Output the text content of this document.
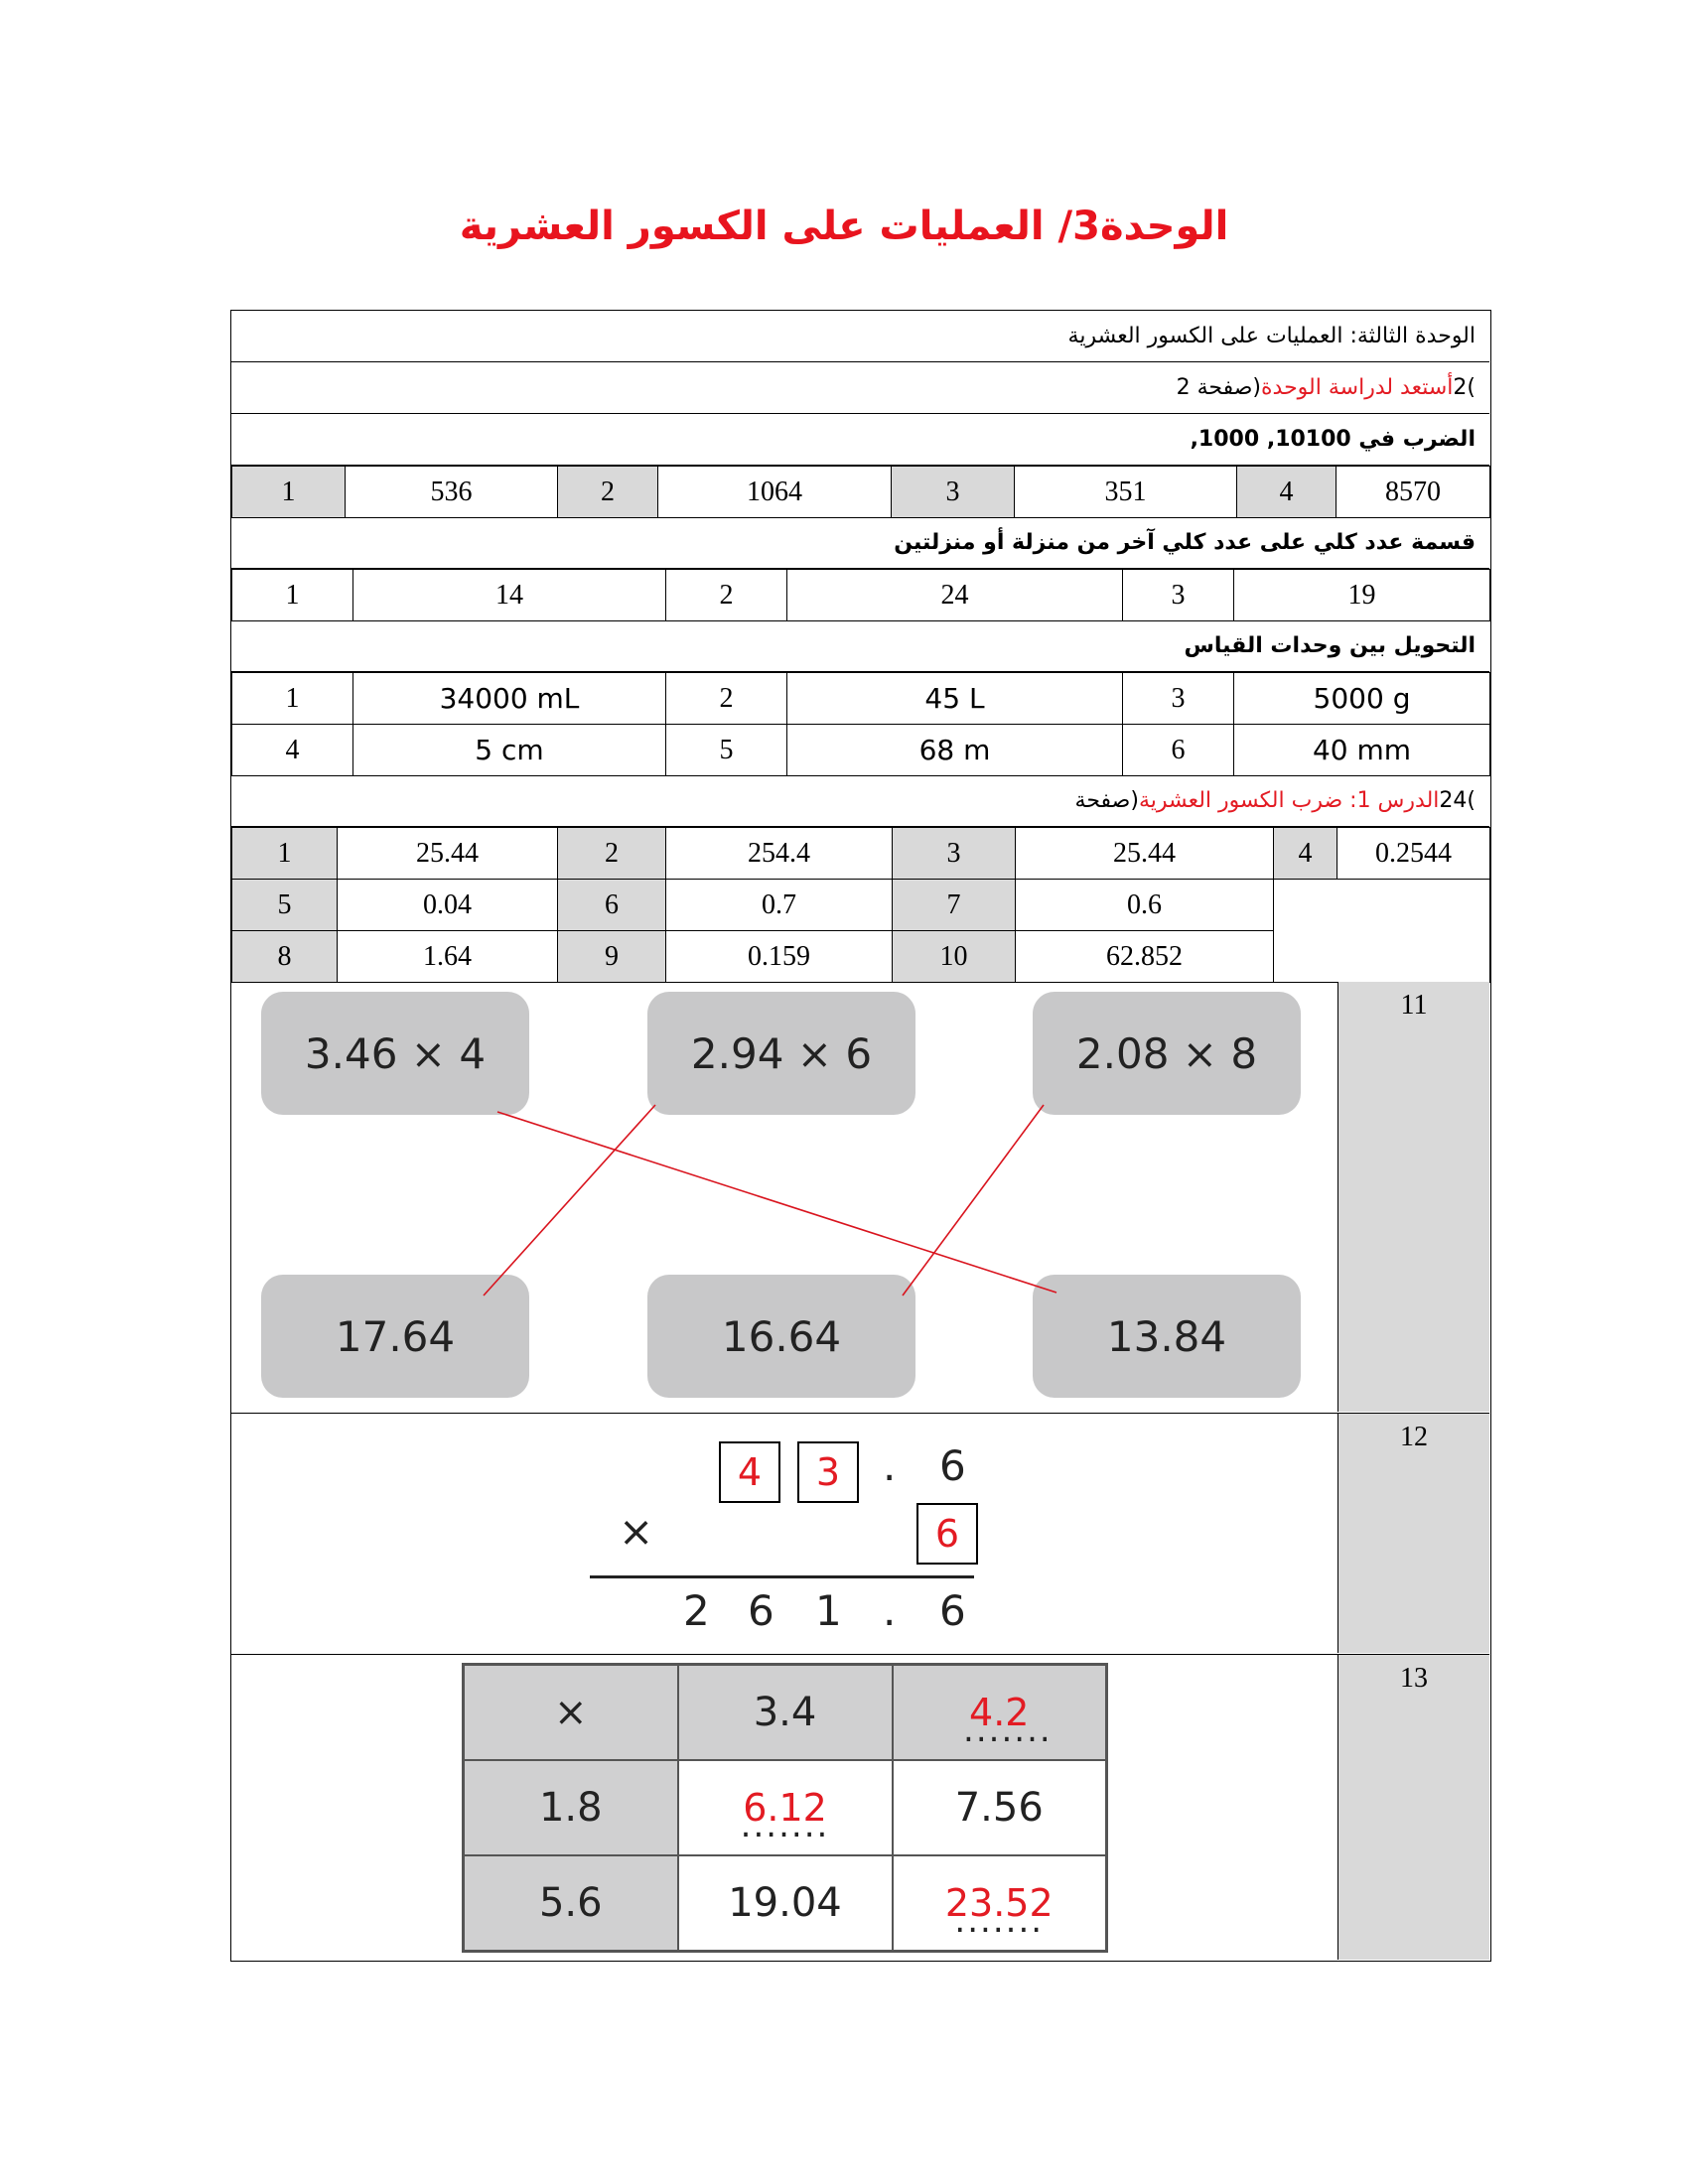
الوحدة3/ العمليات على الكسور العشرية
الوحدة الثالثة: العمليات على الكسور العشرية
)2
أستعد لدراسة الوحدة
(صفحة 2
الضرب في 10100, 1000,
1	536	2	1064	3	351	4	8570
قسمة عدد كلي على عدد كلي آخر من منزلة أو منزلتين
1	14	2	24	3	19
التحويل بين وحدات القياس
1	34000 mL	2	45 L	3	5000 g
4	5 cm	5	68 m	6	40 mm
)24
الدرس 1: ضرب الكسور العشرية
(صفحة
1	25.44	2	254.4	3	25.44	4	0.2544
5	0.04	6	0.7	7	0.6		
8	1.64	9	0.159	10	62.852		
11
3.46 × 4	2.94 × 6	2.08 × 8
17.64	16.64	13.84
12
4	3	. 6
×	6
2 6 1 . 6
13
×	3.4	4.2 .......
1.8	6.12 .......	7.56
5.6	19.04	23.52 .......
